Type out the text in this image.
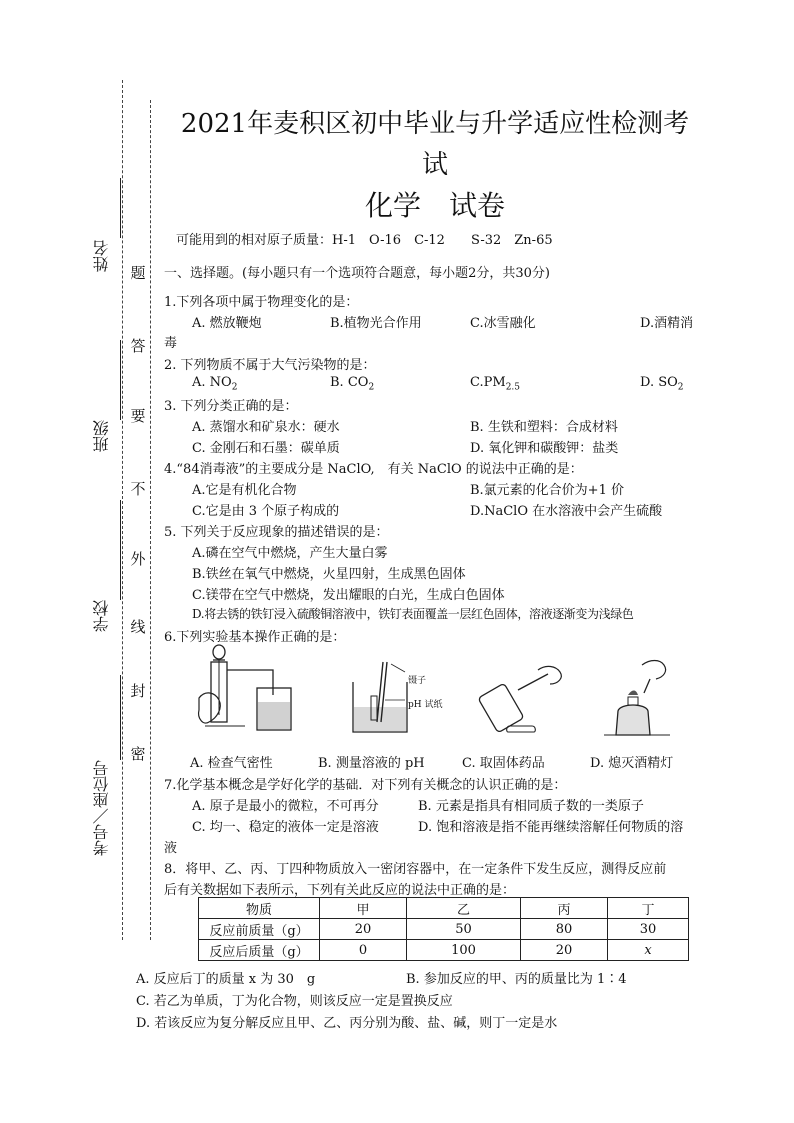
姓名
班级
学校
考号／座位号
题
答
要
不
外
线
封
密
2021年麦积区初中毕业与升学适应性检测考
试
化学　试卷
可能用到的相对原子质量：H-1　O-16　C-12　　S-32　Zn-65
一、选择题。(每小题只有一个选项符合题意，每小题2分，共30分)
1.下列各项中属于物理变化的是：
A. 燃放鞭炮	B.植物光合作用	C.冰雪融化	D.酒精消
毒
2. 下列物质不属于大气污染物的是：
A. $NO_2$	B. $CO_2$	$C.PM_{2.5}$	D. $SO_2$
3. 下列分类正确的是：
A. 蒸馏水和矿泉水：硬水	B. 生铁和塑料：合成材料
C. 金刚石和石墨：碳单质	D. 氧化钾和碳酸钾：盐类
4.“84消毒液”的主要成分是 NaClO,　有关 NaClO 的说法中正确的是：
A.它是有机化合物	B.氯元素的化合价为+1 价
C.它是由 3 个原子构成的	D.NaClO 在水溶液中会产生硫酸
5. 下列关于反应现象的描述错误的是：
A.磷在空气中燃烧，产生大量白雾
B.铁丝在氧气中燃烧，火星四射，生成黑色固体
C.镁带在空气中燃烧，发出耀眼的白光，生成白色固体
D.将去锈的铁钉浸入硫酸铜溶液中，铁钉表面覆盖一层红色固体，溶液逐渐变为浅绿色
6.下列实验基本操作正确的是：
镊子
pH 试纸
A. 检查气密性	B. 测量溶液的 pH	C. 取固体药品	D. 熄灭酒精灯
7.化学基本概念是学好化学的基础．对下列有关概念的认识正确的是：
A. 原子是最小的微粒，不可再分	B. 元素是指具有相同质子数的一类原子
C. 均一、稳定的液体一定是溶液	D. 饱和溶液是指不能再继续溶解任何物质的溶
液
8．将甲、乙、丙、丁四种物质放入一密闭容器中，在一定条件下发生反应，测得反应前
后有关数据如下表所示，下列有关此反应的说法中正确的是：
物质	甲	乙	丙	丁
反应前质量（g）	20	50	80	30
反应后质量（g）	0	100	20	x
A. 反应后丁的质量 x 为 30　g	B. 参加反应的甲、丙的质量比为 1∶4
C. 若乙为单质，丁为化合物，则该反应一定是置换反应
D. 若该反应为复分解反应且甲、乙、丙分别为酸、盐、碱，则丁一定是水
